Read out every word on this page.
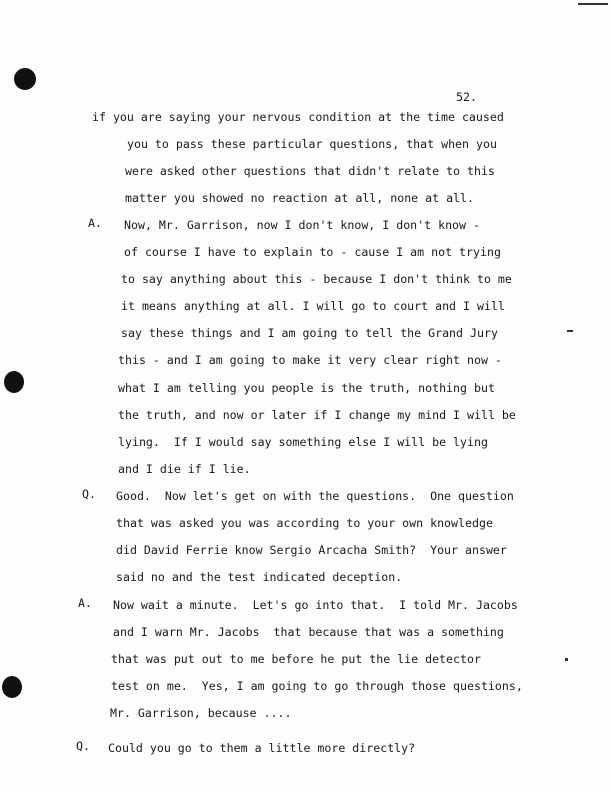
52.
if you are saying your nervous condition at the time caused
you to pass these particular questions, that when you
were asked other questions that didn't relate to this
matter you showed no reaction at all, none at all.
A. Now, Mr. Garrison, now I don't know, I don't know -
of course I have to explain to - cause I am not trying
to say anything about this - because I don't think to me
it means anything at all. I will go to court and I will
say these things and I am going to tell the Grand Jury
this - and I am going to make it very clear right now -
what I am telling you people is the truth, nothing but
the truth, and now or later if I change my mind I will be
lying.  If I would say something else I will be lying
and I die if I lie.
Q. Good.  Now let's get on with the questions.  One question
that was asked you was according to your own knowledge
did David Ferrie know Sergio Arcacha Smith?  Your answer
said no and the test indicated deception.
A. Now wait a minute.  Let's go into that.  I told Mr. Jacobs
and I warn Mr. Jacobs  that because that was a something
that was put out to me before he put the lie detector
test on me.  Yes, I am going to go through those questions,
Mr. Garrison, because ....
Q. Could you go to them a little more directly?
